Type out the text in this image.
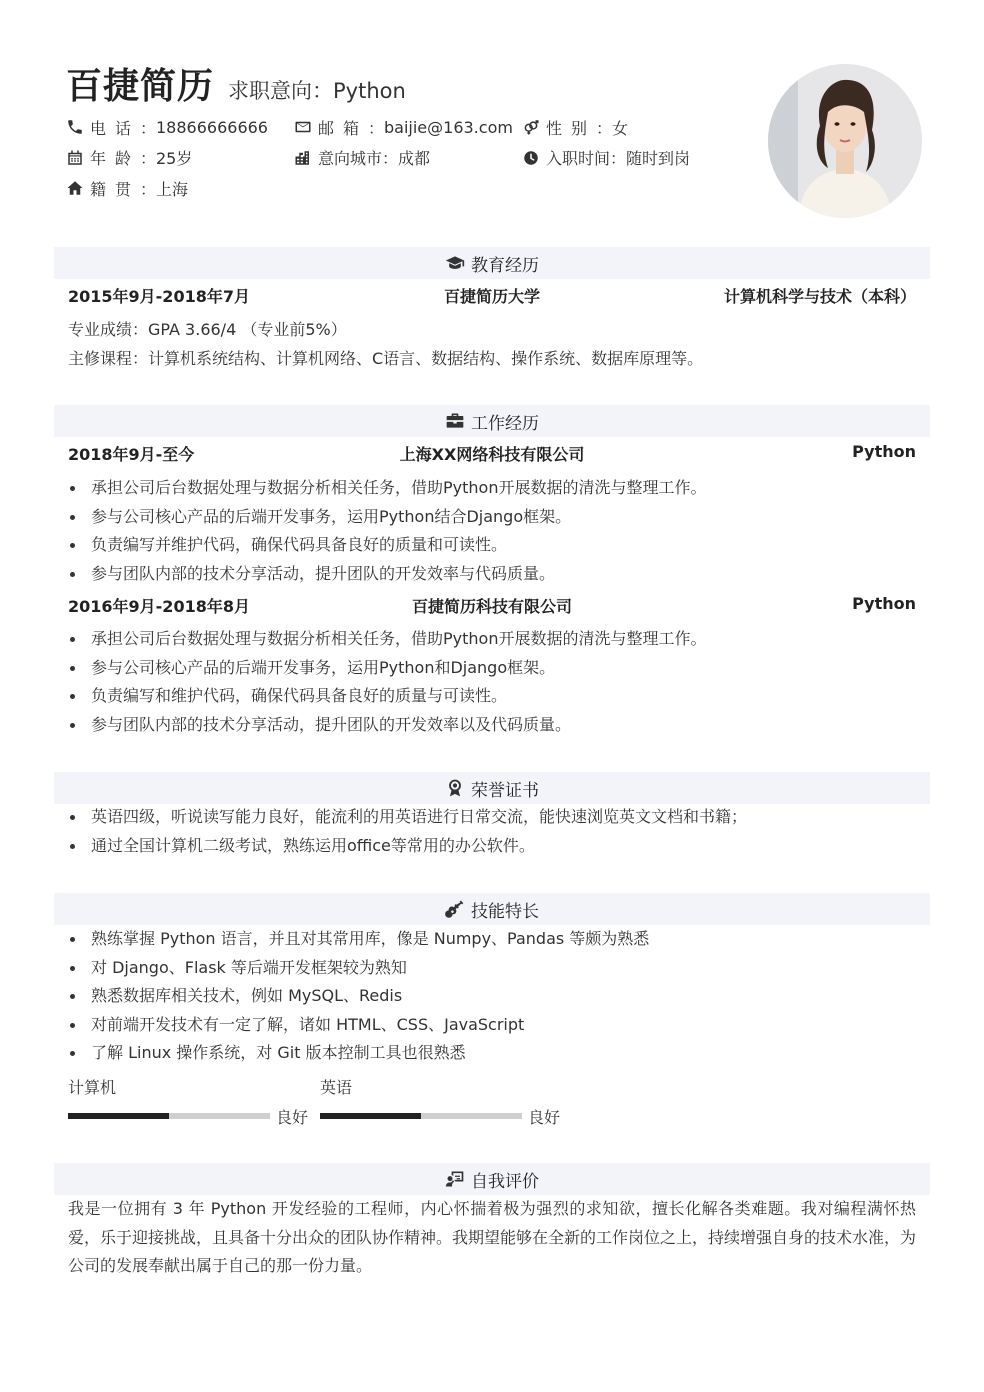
百捷简历 求职意向：Python
电话： 18866666666	邮箱： baijie@163.com 性别： 女
年龄： 25岁	意向城市： 成都	入职时间： 随时到岗
籍贯： 上海
教育经历
2015年9月-2018年7月	百捷简历大学	计算机科学与技术（本科）
专业成绩：GPA 3.66/4 （专业前5%）
主修课程：计算机系统结构、计算机网络、C语言、数据结构、操作系统、数据库原理等。
工作经历
2018年9月-至今	上海XX网络科技有限公司	Python
承担公司后台数据处理与数据分析相关任务，借助Python开展数据的清洗与整理工作。
参与公司核心产品的后端开发事务，运用Python结合Django框架。
负责编写并维护代码，确保代码具备良好的质量和可读性。
参与团队内部的技术分享活动，提升团队的开发效率与代码质量。
2016年9月-2018年8月	百捷简历科技有限公司	Python
承担公司后台数据处理与数据分析相关任务，借助Python开展数据的清洗与整理工作。
参与公司核心产品的后端开发事务，运用Python和Django框架。
负责编写和维护代码，确保代码具备良好的质量与可读性。
参与团队内部的技术分享活动，提升团队的开发效率以及代码质量。
荣誉证书
英语四级，听说读写能力良好，能流利的用英语进行日常交流，能快速浏览英文文档和书籍；
通过全国计算机二级考试，熟练运用office等常用的办公软件。
技能特长
熟练掌握 Python 语言，并且对其常用库，像是 Numpy、Pandas 等颇为熟悉
对 Django、Flask 等后端开发框架较为熟知
熟悉数据库相关技术，例如 MySQL、Redis
对前端开发技术有一定了解，诸如 HTML、CSS、JavaScript
了解 Linux 操作系统，对 Git 版本控制工具也很熟悉
计算机
良好
英语
良好
自我评价
我是一位拥有 3 年 Python 开发经验的工程师，内心怀揣着极为强烈的求知欲，擅长化解各类难题。我对编程满怀热爱，乐于迎接挑战，且具备十分出众的团队协作精神。我期望能够在全新的工作岗位之上，持续增强自身的技术水准，为公司的发展奉献出属于自己的那一份力量。
